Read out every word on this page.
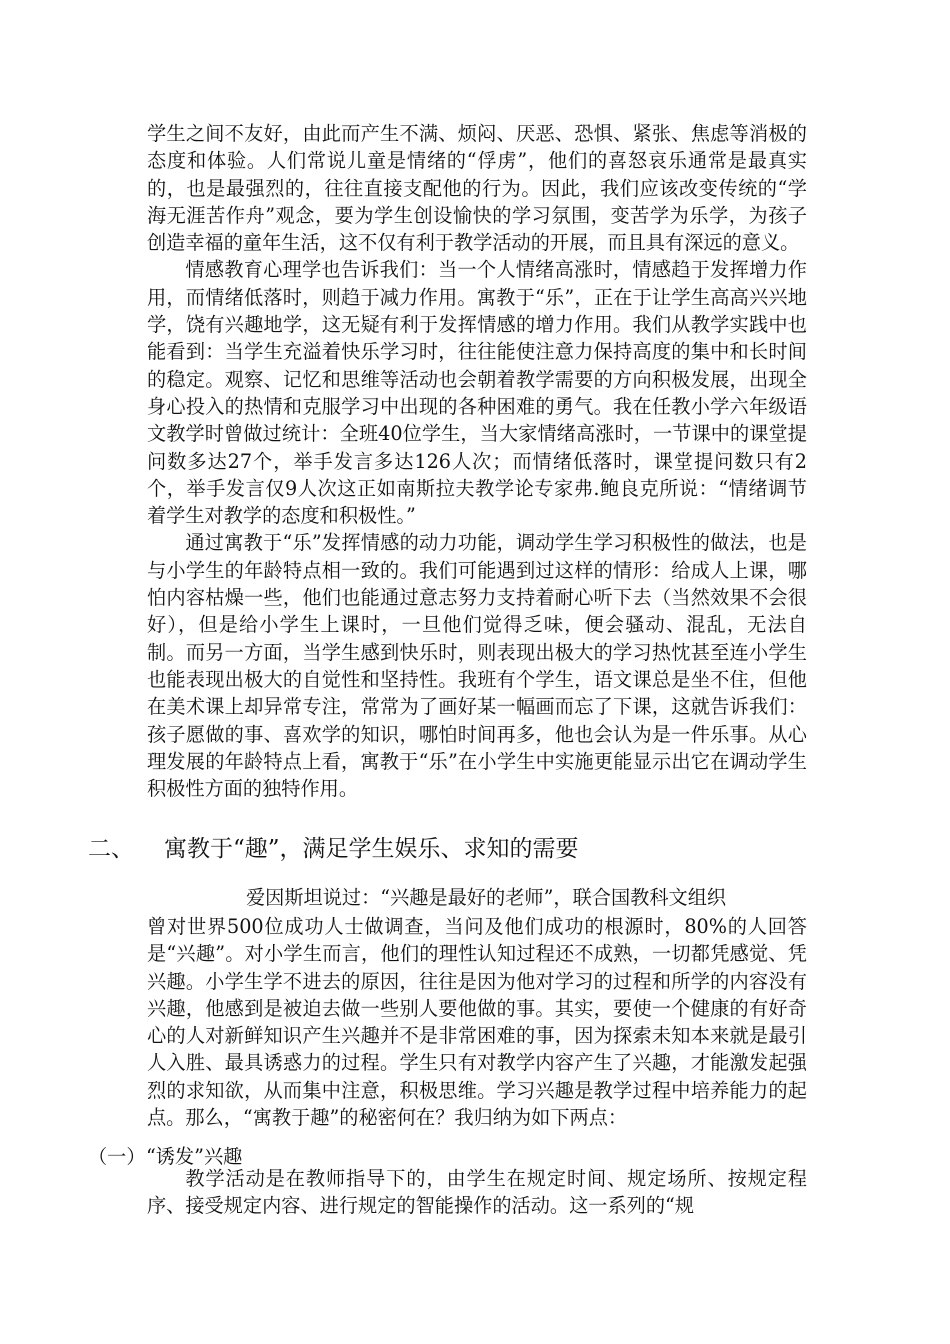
学生之间不友好，由此而产生不满、烦闷、厌恶、恐惧、紧张、焦虑等消极的态度和体验。人们常说儿童是情绪的“俘虏”，他们的喜怒哀乐通常是最真实的，也是最强烈的，往往直接支配他的行为。因此，我们应该改变传统的“学海无涯苦作舟”观念，要为学生创设愉快的学习氛围，变苦学为乐学，为孩子创造幸福的童年生活，这不仅有利于教学活动的开展，而且具有深远的意义。

情感教育心理学也告诉我们：当一个人情绪高涨时，情感趋于发挥增力作用，而情绪低落时，则趋于减力作用。寓教于“乐”，正在于让学生高高兴兴地学，饶有兴趣地学，这无疑有利于发挥情感的增力作用。我们从教学实践中也能看到：当学生充溢着快乐学习时，往往能使注意力保持高度的集中和长时间的稳定。观察、记忆和思维等活动也会朝着教学需要的方向积极发展，出现全身心投入的热情和克服学习中出现的各种困难的勇气。我在任教小学六年级语文教学时曾做过统计：全班40位学生，当大家情绪高涨时，一节课中的课堂提问数多达27个，举手发言多达126人次；而情绪低落时，课堂提问数只有2个，举手发言仅9人次这正如南斯拉夫教学论专家弗.鲍良克所说：“情绪调节着学生对教学的态度和积极性。”

通过寓教于“乐”发挥情感的动力功能，调动学生学习积极性的做法，也是与小学生的年龄特点相一致的。我们可能遇到过这样的情形：给成人上课，哪怕内容枯燥一些，他们也能通过意志努力支持着耐心听下去（当然效果不会很好），但是给小学生上课时，一旦他们觉得乏味，便会骚动、混乱，无法自制。而另一方面，当学生感到快乐时，则表现出极大的学习热忱甚至连小学生也能表现出极大的自觉性和坚持性。我班有个学生，语文课总是坐不住，但他在美术课上却异常专注，常常为了画好某一幅画而忘了下课，这就告诉我们：孩子愿做的事、喜欢学的知识，哪怕时间再多，他也会认为是一件乐事。从心理发展的年龄特点上看，寓教于“乐”在小学生中实施更能显示出它在调动学生积极性方面的独特作用。

二、 寓教于“趣”，满足学生娱乐、求知的需要

爱因斯坦说过：“兴趣是最好的老师”，联合国教科文组织

曾对世界500位成功人士做调查，当问及他们成功的根源时，80%的人回答是“兴趣”。对小学生而言，他们的理性认知过程还不成熟，一切都凭感觉、凭兴趣。小学生学不进去的原因，往往是因为他对学习的过程和所学的内容没有兴趣，他感到是被迫去做一些别人要他做的事。其实，要使一个健康的有好奇心的人对新鲜知识产生兴趣并不是非常困难的事，因为探索未知本来就是最引人入胜、最具诱惑力的过程。学生只有对教学内容产生了兴趣，才能激发起强烈的求知欲，从而集中注意，积极思维。学习兴趣是教学过程中培养能力的起点。那么，“寓教于趣”的秘密何在？我归纳为如下两点：

（一）“诱发”兴趣

教学活动是在教师指导下的，由学生在规定时间、规定场所、按规定程序、接受规定内容、进行规定的智能操作的活动。这一系列的“规
